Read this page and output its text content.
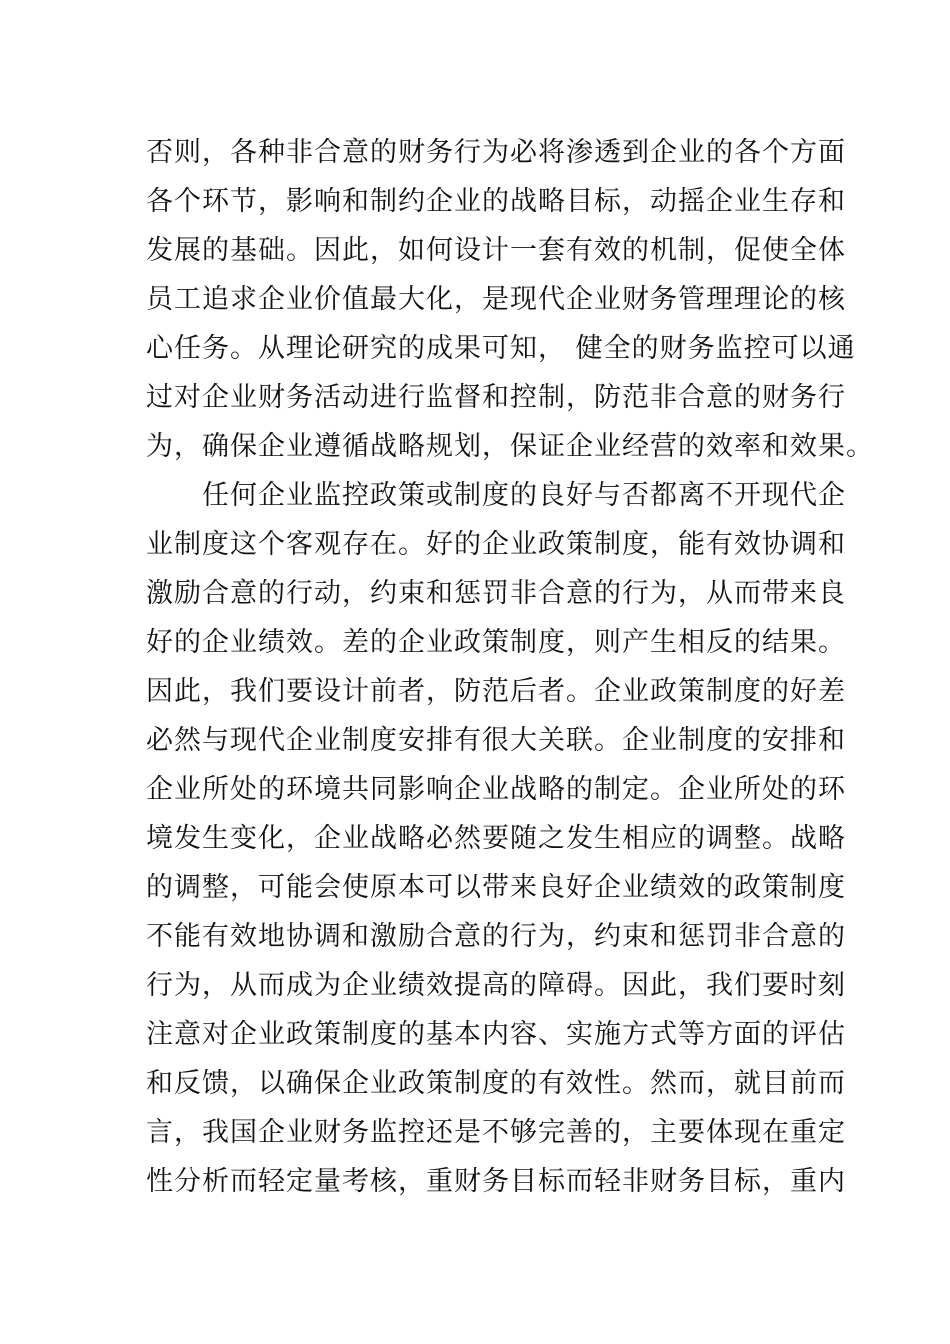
否则，各种非合意的财务行为必将渗透到企业的各个方面
各个环节，影响和制约企业的战略目标，动摇企业生存和
发展的基础。因此，如何设计一套有效的机制，促使全体
员工追求企业价值最大化，是现代企业财务管理理论的核
心任务。从理论研究的成果可知， 健全的财务监控可以通
过对企业财务活动进行监督和控制，防范非合意的财务行
为，确保企业遵循战略规划，保证企业经营的效率和效果。
　　任何企业监控政策或制度的良好与否都离不开现代企
业制度这个客观存在。好的企业政策制度，能有效协调和
激励合意的行动，约束和惩罚非合意的行为，从而带来良
好的企业绩效。差的企业政策制度，则产生相反的结果。
因此，我们要设计前者，防范后者。企业政策制度的好差
必然与现代企业制度安排有很大关联。企业制度的安排和
企业所处的环境共同影响企业战略的制定。企业所处的环
境发生变化，企业战略必然要随之发生相应的调整。战略
的调整，可能会使原本可以带来良好企业绩效的政策制度
不能有效地协调和激励合意的行为，约束和惩罚非合意的
行为，从而成为企业绩效提高的障碍。因此，我们要时刻
注意对企业政策制度的基本内容、实施方式等方面的评估
和反馈，以确保企业政策制度的有效性。然而，就目前而
言，我国企业财务监控还是不够完善的，主要体现在重定
性分析而轻定量考核，重财务目标而轻非财务目标，重内
